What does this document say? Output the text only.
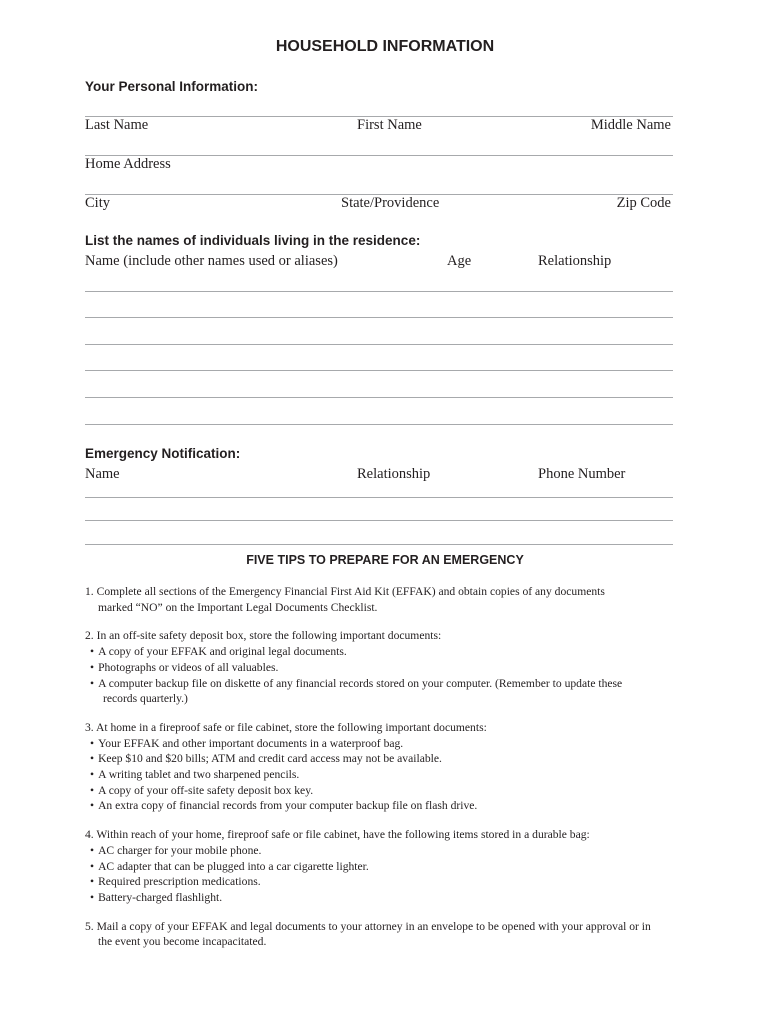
HOUSEHOLD INFORMATION
Your Personal Information:
Last Name	First Name	Middle Name
Home Address
City	State/Providence	Zip Code
List the names of individuals living in the residence:
Name (include other names used or aliases)	Age	Relationship
Emergency Notification:
Name	Relationship	Phone Number
FIVE TIPS TO PREPARE FOR AN EMERGENCY

1. Complete all sections of the Emergency Financial First Aid Kit (EFFAK) and obtain copies of any documents

marked “NO” on the Important Legal Documents Checklist.

2. In an off-site safety deposit box, store the following important documents:

• A copy of your EFFAK and original legal documents.
• Photographs or videos of all valuables.
• A computer backup file on diskette of any financial records stored on your computer. (Remember to update these
records quarterly.)

3. At home in a fireproof safe or file cabinet, store the following important documents:

• Your EFFAK and other important documents in a waterproof bag.
• Keep $10 and $20 bills; ATM and credit card access may not be available.
• A writing tablet and two sharpened pencils.
• A copy of your off-site safety deposit box key.
• An extra copy of financial records from your computer backup file on flash drive.

4. Within reach of your home, fireproof safe or file cabinet, have the following items stored in a durable bag:

• AC charger for your mobile phone.
• AC adapter that can be plugged into a car cigarette lighter.
• Required prescription medications.
• Battery-charged flashlight.

5. Mail a copy of your EFFAK and legal documents to your attorney in an envelope to be opened with your approval or in

the event you become incapacitated.
